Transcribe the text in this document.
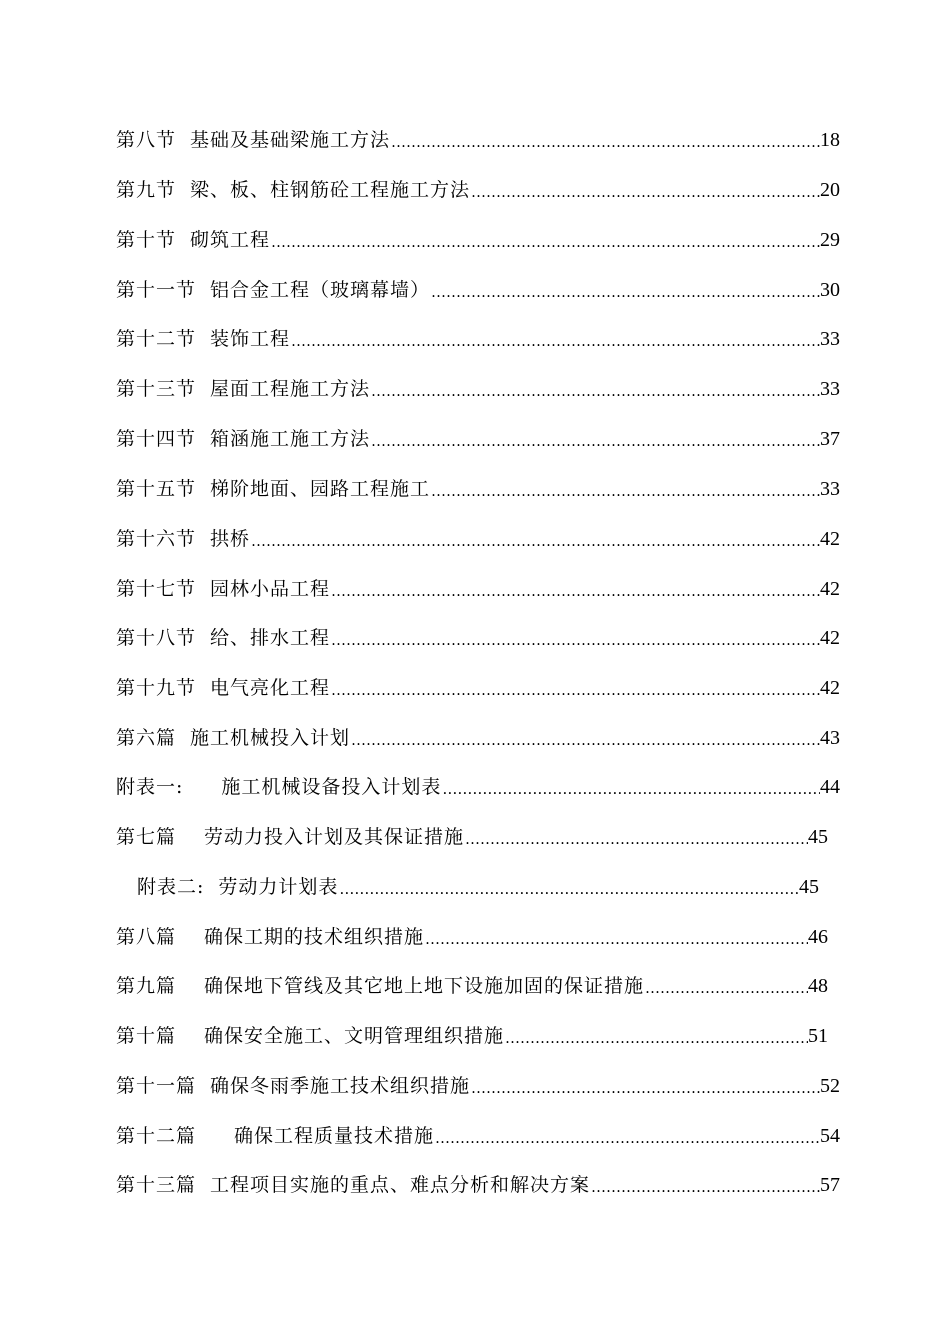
第八节 基础及基础梁施工方法 ……………………………………………………………………………………………………………………………………………………………………………………………………………………………………	18
第九节 梁、板、柱钢筋砼工程施工方法 ……………………………………………………………………………………………………………………………………………………………………………………………………………………………………	20
第十节 砌筑工程 ……………………………………………………………………………………………………………………………………………………………………………………………………………………………………	29
第十一节 铝合金工程（玻璃幕墙） ……………………………………………………………………………………………………………………………………………………………………………………………………………………………………	30
第十二节 装饰工程 ……………………………………………………………………………………………………………………………………………………………………………………………………………………………………	33
第十三节 屋面工程施工方法 ……………………………………………………………………………………………………………………………………………………………………………………………………………………………………	33
第十四节 箱涵施工施工方法 ……………………………………………………………………………………………………………………………………………………………………………………………………………………………………	37
第十五节 梯阶地面、园路工程施工 ……………………………………………………………………………………………………………………………………………………………………………………………………………………………………	33
第十六节 拱桥 ……………………………………………………………………………………………………………………………………………………………………………………………………………………………………	42
第十七节 园林小品工程 ……………………………………………………………………………………………………………………………………………………………………………………………………………………………………	42
第十八节 给、排水工程 ……………………………………………………………………………………………………………………………………………………………………………………………………………………………………	42
第十九节 电气亮化工程 ……………………………………………………………………………………………………………………………………………………………………………………………………………………………………	42
第六篇 施工机械投入计划 ……………………………………………………………………………………………………………………………………………………………………………………………………………………………………	43
附表一: 施工机械设备投入计划表 ……………………………………………………………………………………………………………………………………………………………………………………………………………………………………	44
第七篇 劳动力投入计划及其保证措施 ……………………………………………………………………………………………………………………………………………………………………………………………………………………………………	45
附表二: 劳动力计划表 ……………………………………………………………………………………………………………………………………………………………………………………………………………………………………	45
第八篇 确保工期的技术组织措施 ……………………………………………………………………………………………………………………………………………………………………………………………………………………………………	46
第九篇 确保地下管线及其它地上地下设施加固的保证措施 ……………………………………………………………………………………………………………………………………………………………………………………………………………………………………	48
第十篇 确保安全施工、文明管理组织措施 ……………………………………………………………………………………………………………………………………………………………………………………………………………………………………	51
第十一篇 确保冬雨季施工技术组织措施 ……………………………………………………………………………………………………………………………………………………………………………………………………………………………………	52
第十二篇 确保工程质量技术措施 ……………………………………………………………………………………………………………………………………………………………………………………………………………………………………	54
第十三篇 工程项目实施的重点、难点分析和解决方案 ……………………………………………………………………………………………………………………………………………………………………………………………………………………………………	57
